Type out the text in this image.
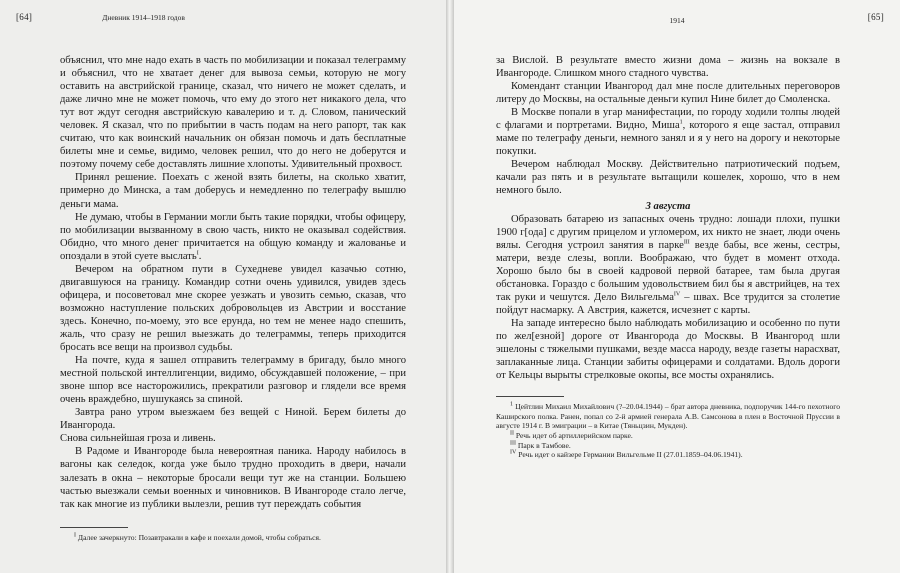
[64]	Дневник 1914–1918 годов

объяснил, что мне надо ехать в часть по мобилизации и показал телеграмму и объяснил, что не хватает денег для вывоза семьи, которую не могу оставить на австрийской границе, сказал, что ничего не может сделать, и даже лично мне не может помочь, что ему до этого нет никакого дела, что тут вот ждут сегодня австрийскую кавалерию и т. д. Словом, панический человек. Я сказал, что по прибытии в часть подам на него рапорт, так как считаю, что как воинский начальник он обязан помочь и дать бесплатные билеты мне и семье, видимо, человек решил, что до него не доберутся и поэтому почему себе доставлять лишние хлопоты. Удивительный прохвост.

Принял решение. Поехать с женой взять билеты, на сколько хватит, примерно до Минска, а там доберусь и немедленно по телеграфу вышлю деньги мама.

Не думаю, чтобы в Германии могли быть такие порядки, чтобы офицеру, по мобилизации вызванному в свою часть, никто не оказывал содействия. Обидно, что много денег причитается на общую команду и жалованье и опоздали в этой суете выслать$^I$.

Вечером на обратном пути в Сухедневе увидел казачью сотню, двигавшуюся на границу. Командир сотни очень удивился, увидев здесь офицера, и посоветовал мне скорее уезжать и увозить семью, сказав, что возможно наступление польских добровольцев из Австрии и восстание здесь. Конечно, по-моему, это все ерунда, но тем не менее надо спешить, жаль, что сразу не решил выезжать до телеграммы, теперь приходится бросать все вещи на произвол судьбы.

На почте, куда я зашел отправить телеграмму в бригаду, было много местной польской интеллигенции, видимо, обсуждавшей положение, – при звоне шпор все насторожились, прекратили разговор и глядели все время очень враждебно, шушукаясь за спиной.

Завтра рано утром выезжаем без вещей с Ниной. Берем билеты до Ивангорода.

Снова сильнейшая гроза и ливень.

В Радоме и Ивангороде была невероятная паника. Народу набилось в вагоны как селедок, когда уже было трудно проходить в двери, начали залезать в окна – некоторые бросали вещи тут же на станции. Большею частью выезжали семьи военных и чиновников. В Ивангороде стало легче, так как многие из публики вылезли, решив тут переждать события

$^I$ Далее зачеркнуто: Позавтракали в кафе и поехали домой, чтобы собраться.

1914	[65]

за Вислой. В результате вместо жизни дома – жизнь на вокзале в Ивангороде. Слишком много стадного чувства.

Комендант станции Ивангород дал мне после длительных переговоров литеру до Москвы, на остальные деньги купил Нине билет до Смоленска.

В Москве попали в угар манифестации, по городу ходили толпы людей с флагами и портретами. Видно, Миша$^1$, которого я еще застал, отправил маме по телеграфу деньги, немного занял и я у него на дорогу и некоторые покупки.

Вечером наблюдал Москву. Действительно патриотический подъем, качали раз пять и в результате вытащили кошелек, хорошо, что в нем немного было.

3 августа

Образовать батарею из запасных очень трудно: лошади плохи, пушки 1900 г[ода] с другим прицелом и угломером, их никто не знает, люди очень вялы. Сегодня устроил занятия в парке$^{III}$ везде бабы, все жены, сестры, матери, везде слезы, вопли. Воображаю, что будет в момент отхода. Хорошо было бы в своей кадровой первой батарее, там была другая обстановка. Гораздо с большим удовольствием бил бы я австрийцев, на тех так руки и чешутся. Дело Вильгельма$^{IV}$ – швах. Все трудится за столетие пойдут насмарку. А Австрия, кажется, исчезнет с карты.

На западе интересно было наблюдать мобилизацию и особенно по пути по жел[езной] дороге от Ивангорода до Москвы. В Ивангород шли эшелоны с тяжелыми пушками, везде масса народу, везде газеты нарасхват, заплаканные лица. Станции забиты офицерами и солдатами. Вдоль дороги от Кельцы вырыты стрелковые окопы, все мосты охранялись.

$^1$ Цейтлин Михаил Михайлович (?–20.04.1944) – брат автора дневника, подпоручик 144-го пехотного Каширского полка. Ранен, попал со 2-й армией генерала А.В. Самсонова в плен в Восточной Пруссии в августе 1914 г. В эмиграции – в Китае (Тяньцзин, Мукден).

$^{II}$ Речь идет об артиллерийском парке.

$^{III}$ Парк в Тамбове.

$^{IV}$ Речь идет о кайзере Германии Вильгельме II (27.01.1859–04.06.1941).
